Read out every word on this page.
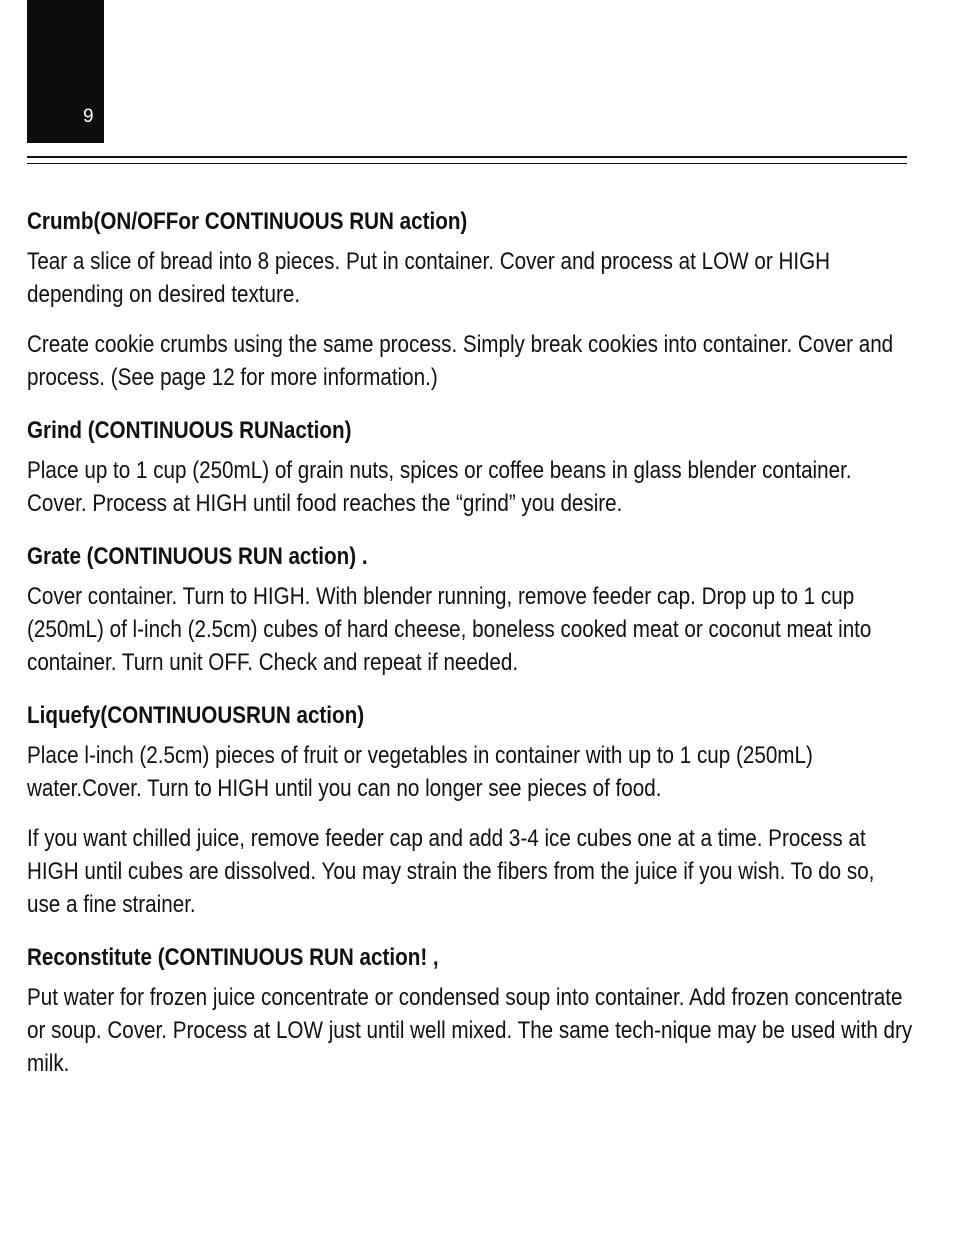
9
Crumb(ON/OFFor CONTINUOUS RUN action)

Tear a slice of bread into 8 pieces. Put in container. Cover and process at LOW or HIGH depending on desired texture.

Create cookie crumbs using the same process. Simply break cookies into container. Cover and process. (See page 12 for more information.)

Grind (CONTINUOUS RUNaction)

Place up to 1 cup (250mL) of grain nuts, spices or coffee beans in glass blender container. Cover. Process at HIGH until food reaches the “grind” you desire.

Grate (CONTINUOUS RUN action) .

Cover container. Turn to HIGH. With blender running, remove feeder cap. Drop up to 1 cup (250mL) of l-inch (2.5cm) cubes of hard cheese, boneless cooked meat or coconut meat into container. Turn unit OFF. Check and repeat if needed.

Liquefy(CONTINUOUSRUN action)

Place l-inch (2.5cm) pieces of fruit or vegetables in container with up to 1 cup (250mL) water.Cover. Turn to HIGH until you can no longer see pieces of food.

If you want chilled juice, remove feeder cap and add 3-4 ice cubes one at a time. Process at HIGH until cubes are dissolved. You may strain the fibers from the juice if you wish. To do so, use a fine strainer.

Reconstitute (CONTINUOUS RUN action! ,

Put water for frozen juice concentrate or condensed soup into container. Add frozen concentrate or soup. Cover. Process at LOW just until well mixed. The same tech-nique may be used with dry milk.
